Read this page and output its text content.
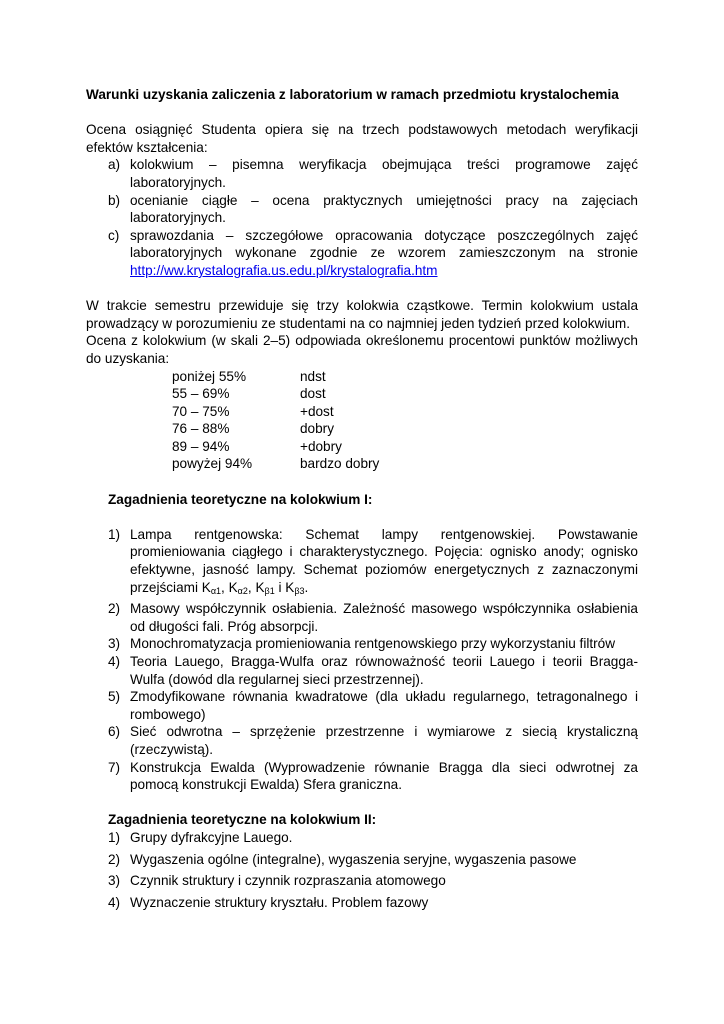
Warunki uzyskania zaliczenia z laboratorium w ramach przedmiotu krystalochemia

Ocena osiągnięć Studenta opiera się na trzech podstawowych metodach weryfikacji efektów kształcenia:

a) kolokwium – pisemna weryfikacja obejmująca treści programowe zajęć laboratoryjnych.
b) ocenianie ciągłe – ocena praktycznych umiejętności pracy na zajęciach laboratoryjnych.
c) sprawozdania – szczegółowe opracowania dotyczące poszczególnych zajęć laboratoryjnych wykonane zgodnie ze wzorem zamieszczonym na stronie http://ww.krystalografia.us.edu.pl/krystalografia.htm

W trakcie semestru przewiduje się trzy kolokwia cząstkowe. Termin kolokwium ustala prowadzący w porozumieniu ze studentami na co najmniej jeden tydzień przed kolokwium.

Ocena z kolokwium (w skali 2–5) odpowiada określonemu procentowi punktów możliwych do uzyskania:

poniżej 55%	ndst
55 – 69%	dost
70 – 75%	+dost
76 – 88%	dobry
89 – 94%	+dobry
powyżej 94%	bardzo dobry

Zagadnienia teoretyczne na kolokwium I:

1) Lampa rentgenowska: Schemat lampy rentgenowskiej. Powstawanie promieniowania ciągłego i charakterystycznego. Pojęcia: ognisko anody; ognisko efektywne, jasność lampy. Schemat poziomów energetycznych z zaznaczonymi przejściami $K_{\alpha 1}$, $K_{\alpha 2}$, $K_{\beta 1}$ i $K_{\beta 3}$.
2) Masowy współczynnik osłabienia. Zależność masowego współczynnika osłabienia od długości fali. Próg absorpcji.
3) Monochromatyzacja promieniowania rentgenowskiego przy wykorzystaniu filtrów
4) Teoria Lauego, Bragga-Wulfa oraz równoważność teorii Lauego i teorii Bragga-Wulfa (dowód dla regularnej sieci przestrzennej).
5) Zmodyfikowane równania kwadratowe (dla układu regularnego, tetragonalnego i rombowego)
6) Sieć odwrotna – sprzężenie przestrzenne i wymiarowe z siecią krystaliczną (rzeczywistą).
7) Konstrukcja Ewalda (Wyprowadzenie równanie Bragga dla sieci odwrotnej za pomocą konstrukcji Ewalda) Sfera graniczna.

Zagadnienia teoretyczne na kolokwium II:

1) Grupy dyfrakcyjne Lauego.
2) Wygaszenia ogólne (integralne), wygaszenia seryjne, wygaszenia pasowe
3) Czynnik struktury i czynnik rozpraszania atomowego
4) Wyznaczenie struktury kryształu. Problem fazowy
